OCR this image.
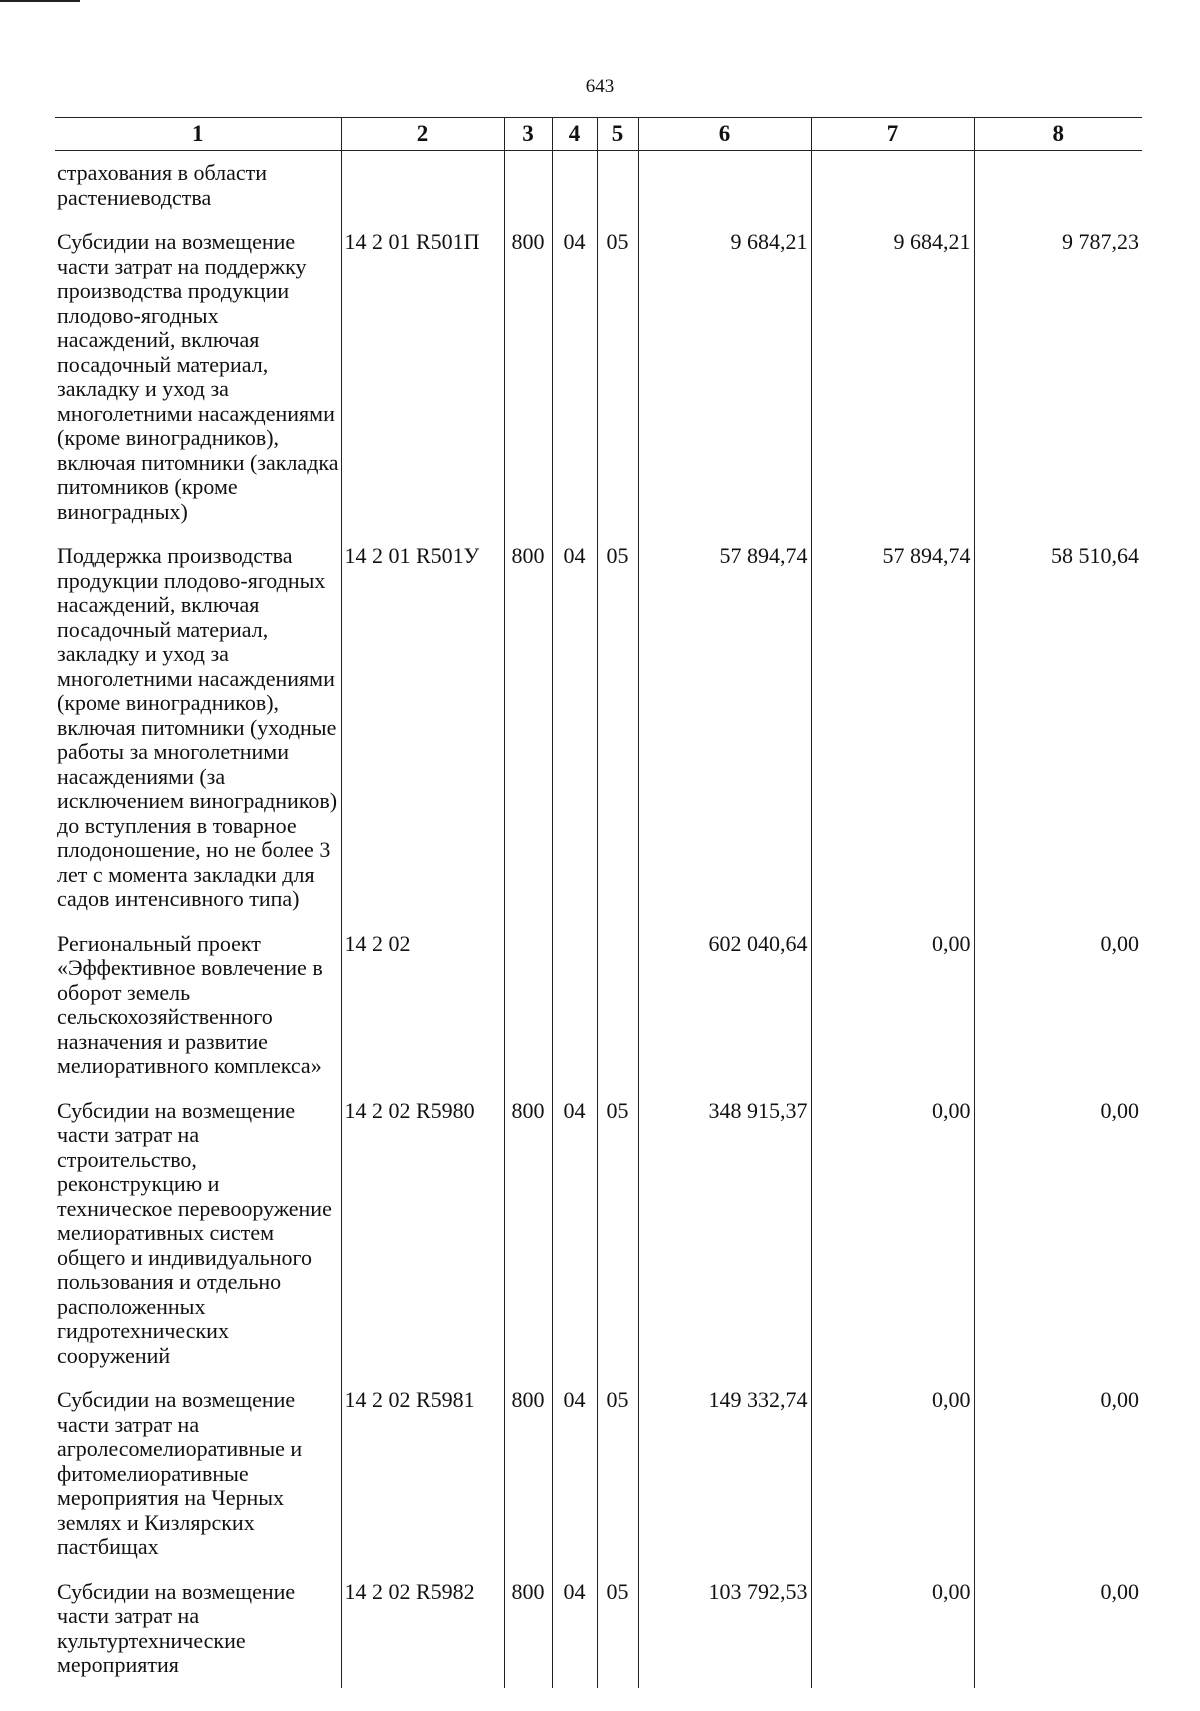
643
1	2	3	4	5	6	7	8
страхования в области растениеводства							
Субсидии на возмещение части затрат на поддержку производства продукции плодово-ягодных насаждений, включая посадочный материал, закладку и уход за многолетними насаждениями (кроме виноградников), включая питомники (закладка питомников (кроме виноградных)	14 2 01 R501П	800	04	05	9 684,21	9 684,21	9 787,23
Поддержка производства продукции плодово-ягодных насаждений, включая посадочный материал, закладку и уход за многолетними насаждениями (кроме виноградников), включая питомники (уходные работы за многолетними насаждениями (за исключением виноградников) до вступления в товарное плодоношение, но не более 3 лет с момента закладки для садов интенсивного типа)	14 2 01 R501У	800	04	05	57 894,74	57 894,74	58 510,64
Региональный проект «Эффективное вовлечение в оборот земель сельскохозяйственного назначения и развитие мелиоративного комплекса»	14 2 02				602 040,64	0,00	0,00
Субсидии на возмещение части затрат на строительство, реконструкцию и техническое перевооружение мелиоративных систем общего и индивидуального пользования и отдельно расположенных гидротехнических сооружений	14 2 02 R5980	800	04	05	348 915,37	0,00	0,00
Субсидии на возмещение части затрат на агролесомелиоративные и фитомелиоративные мероприятия на Черных землях и Кизлярских пастбищах	14 2 02 R5981	800	04	05	149 332,74	0,00	0,00
Субсидии на возмещение части затрат на культуртехнические мероприятия	14 2 02 R5982	800	04	05	103 792,53	0,00	0,00
